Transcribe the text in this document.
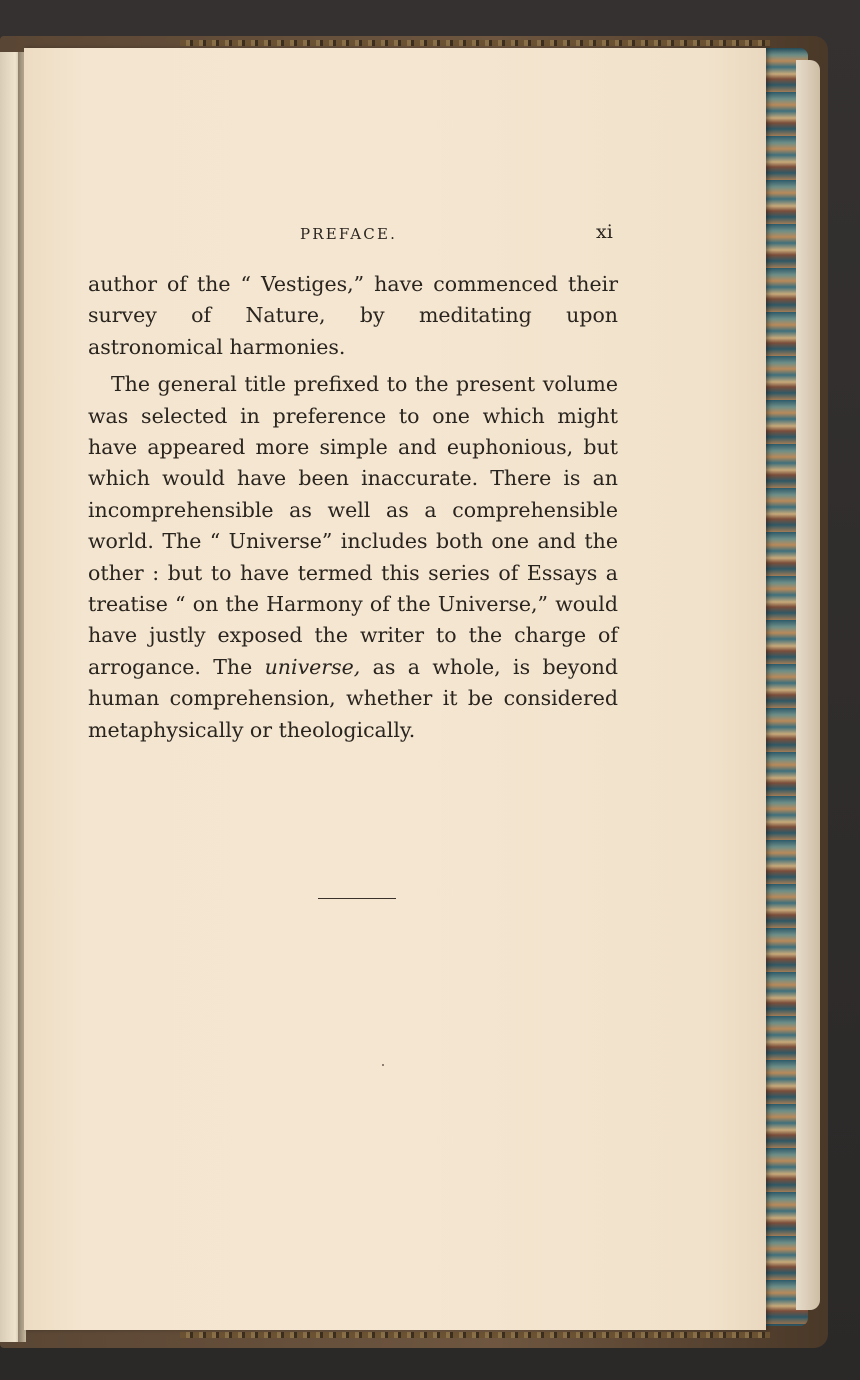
PREFACE.	xi

author of the “ Vestiges,” have commenced their survey of Nature, by meditating upon astronomical harmonies.

The general title prefixed to the present volume was selected in preference to one which might have appeared more simple and euphonious, but which would have been inaccurate. There is an incomprehensible as well as a comprehensible world. The “ Universe” includes both one and the other : but to have termed this series of Essays a treatise “ on the Harmony of the Universe,” would have justly exposed the writer to the charge of arrogance. The universe, as a whole, is beyond human comprehension, whether it be considered metaphysically or theologically.
